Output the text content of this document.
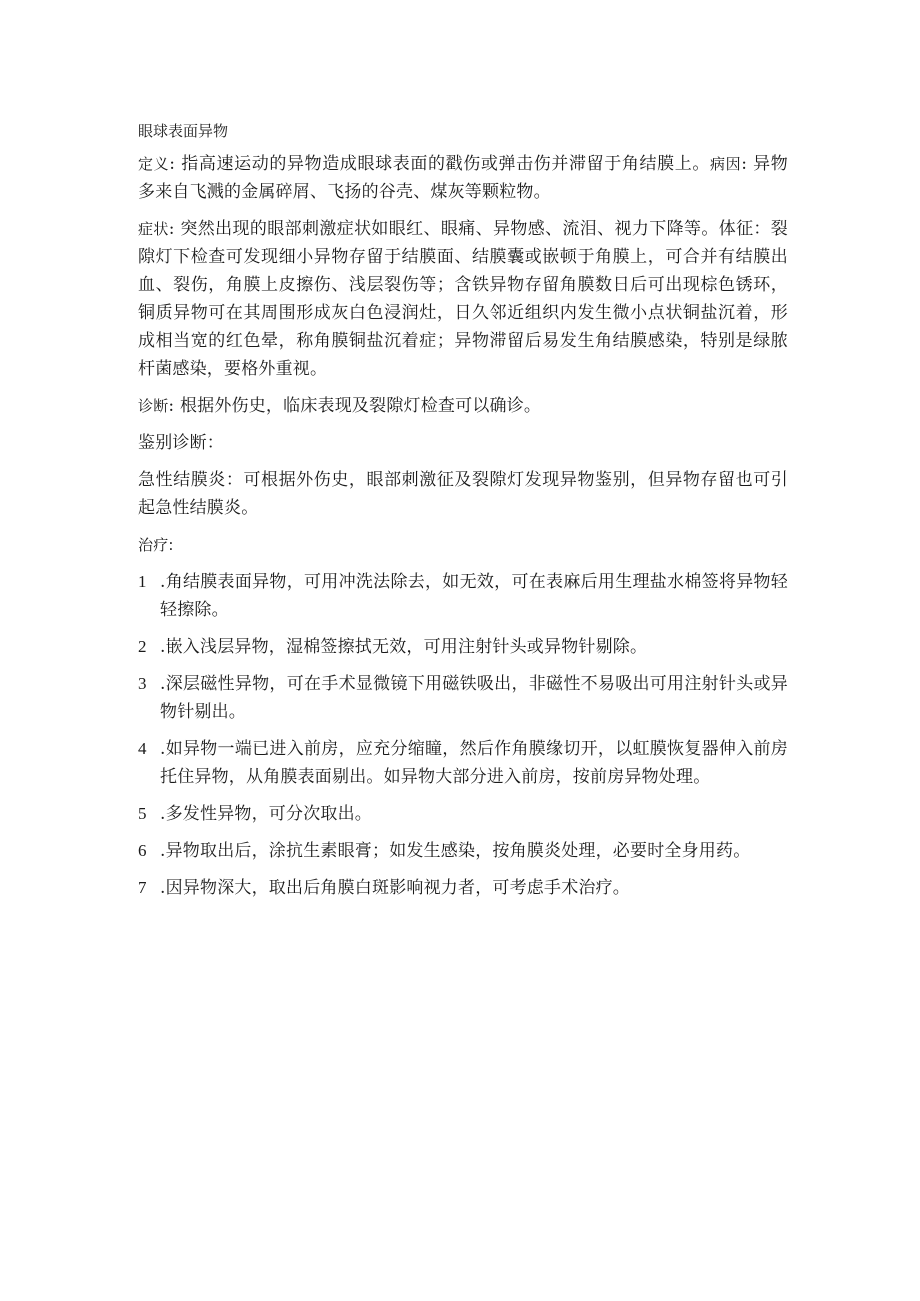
眼球表面异物

定义: 指高速运动的异物造成眼球表面的戳伤或弹击伤并滞留于角结膜上。病因: 异物多来自飞溅的金属碎屑、飞扬的谷壳、煤灰等颗粒物。

症状: 突然出现的眼部刺激症状如眼红、眼痛、异物感、流泪、视力下降等。体征：裂隙灯下检查可发现细小异物存留于结膜面、结膜囊或嵌顿于角膜上，可合并有结膜出血、裂伤，角膜上皮擦伤、浅层裂伤等；含铁异物存留角膜数日后可出现棕色锈环，铜质异物可在其周围形成灰白色浸润灶，日久邻近组织内发生微小点状铜盐沉着，形成相当宽的红色晕，称角膜铜盐沉着症；异物滞留后易发生角结膜感染，特别是绿脓杆菌感染，要格外重视。

诊断: 根据外伤史，临床表现及裂隙灯检查可以确诊。

鉴别诊断：

急性结膜炎：可根据外伤史，眼部刺激征及裂隙灯发现异物鉴别，但异物存留也可引起急性结膜炎。

治疗:

1 .角结膜表面异物，可用冲洗法除去，如无效，可在表麻后用生理盐水棉签将异物轻轻擦除。
2 .嵌入浅层异物，湿棉签擦拭无效，可用注射针头或异物针剔除。
3 .深层磁性异物，可在手术显微镜下用磁铁吸出，非磁性不易吸出可用注射针头或异物针剔出。
4 .如异物一端已进入前房，应充分缩瞳，然后作角膜缘切开，以虹膜恢复器伸入前房托住异物，从角膜表面剔出。如异物大部分进入前房，按前房异物处理。
5 .多发性异物，可分次取出。
6 .异物取出后，涂抗生素眼膏；如发生感染，按角膜炎处理，必要时全身用药。
7 .因异物深大，取出后角膜白斑影响视力者，可考虑手术治疗。
